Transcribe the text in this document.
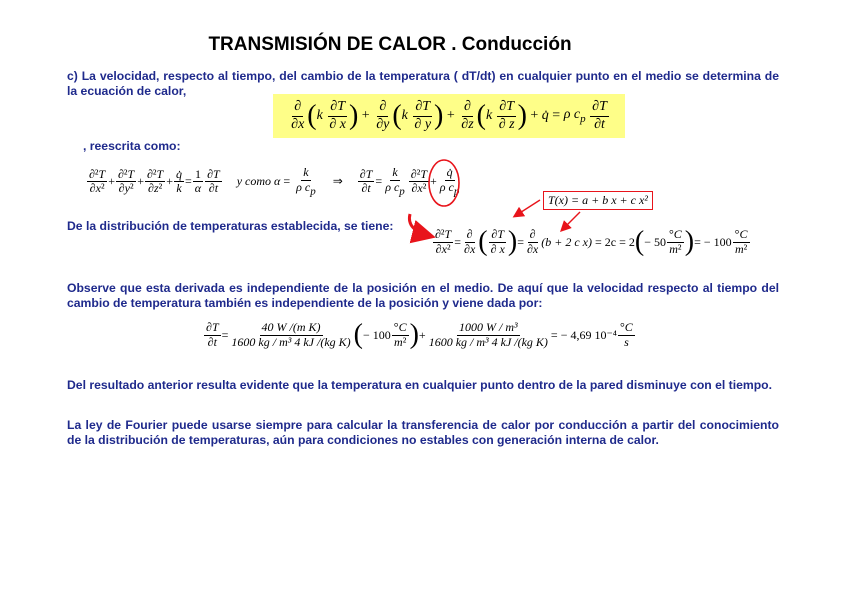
TRANSMISIÓN DE CALOR . Conducción
c) La velocidad, respecto al tiempo, del cambio de la temperatura ( dT/dt) en cualquier punto en el medio se determina de la ecuación de calor,
$\frac{\partial}{\partial x}$ ( k
$\frac{\partial T}{\partial x}$ ) + $\frac{\partial}{\partial y}$ ( k
$\frac{\partial T}{\partial y}$ ) + $\frac{\partial}{\partial z}$ ( k
$\frac{\partial T}{\partial z}$ ) + q̇ = ρ $c_p$
$\frac{\partial T}{\partial t}$
, reescrita como:
$\frac{\text{∂²T}}{\text{∂x²}} + \frac{\text{∂²T}}{\text{∂y²}} + \frac{\text{∂²T}}{\text{∂z²}} + \frac{q̇}{k} = \frac{1}{\alpha} \frac{\partial T}{\partial t}$ y como
$\alpha = \frac{k}{\rho c_p}$ ⇒ $\frac{\partial T}{\partial t} = \frac{k}{\rho c_p} \frac{\text{∂²T}}{\text{∂x²}} + \frac{q̇}{\rho c_p}$
T(x) = a + b x + c x²
De la distribución de temperaturas establecida, se tiene:
$\frac{\text{∂²T}}{\text{∂x²}} = \frac{\partial}{\partial x}$ ( $\frac{\partial T}{\partial x}$ ) = $\frac{\partial}{\partial x} (b + 2$ c x)
= 2c = 2 ( − $50 \frac{^\circ C}{\text{m²}}$ ) = − $100 \frac{^\circ C}{\text{m²}}$
Observe que esta derivada es independiente de la posición en el medio. De aquí que la velocidad respecto al tiempo del cambio de temperatura también es independiente de la posición y viene dada por:
$\frac{\partial T}{\partial t} = \frac{\text{40 W /(m K)}}{\text{1600 kg / m³ 4 kJ /(kg K)}}$ ( − $100 \frac{^\circ C}{\text{m²}}$ ) + $\frac{\text{1000 W / m³}}{\text{1600 kg / m³ 4 kJ /(kg K)}}$ = − 4,69 $10^{-4} \frac{^\circ C}{s}$
Del resultado anterior resulta evidente que la temperatura en cualquier punto dentro de la pared disminuye con el tiempo.
La ley de Fourier puede usarse siempre para calcular la transferencia de calor por conducción a partir del conocimiento de la distribución de temperaturas, aún para condiciones no estables con generación interna de calor.
